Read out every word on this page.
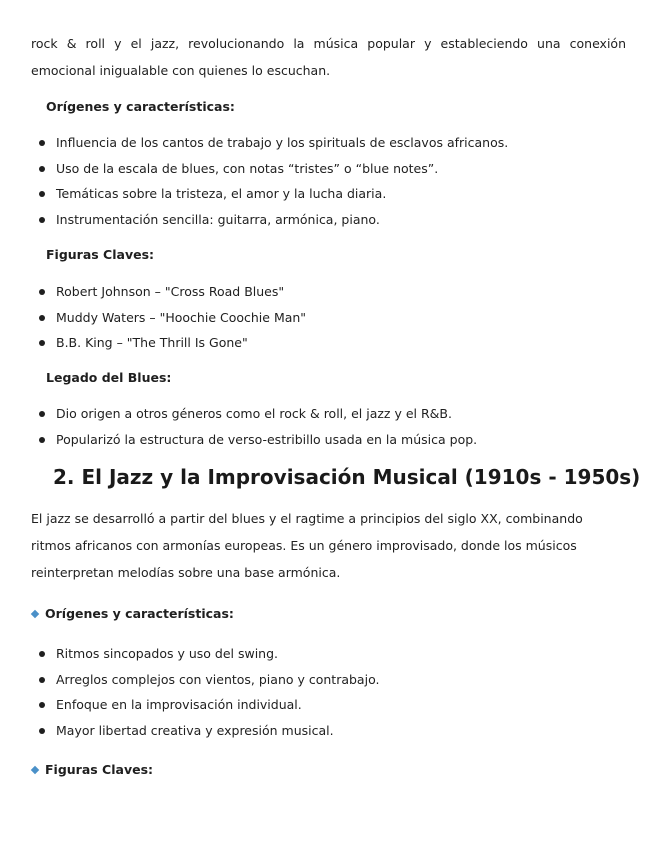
rock & roll y el jazz, revolucionando la música popular y estableciendo una conexión emocional inigualable con quienes lo escuchan.

Orígenes y características:
Influencia de los cantos de trabajo y los spirituals de esclavos africanos.
Uso de la escala de blues, con notas “tristes” o “blue notes”.
Temáticas sobre la tristeza, el amor y la lucha diaria.
Instrumentación sencilla: guitarra, armónica, piano.
Figuras Claves:
Robert Johnson – "Cross Road Blues"
Muddy Waters – "Hoochie Coochie Man"
B.B. King – "The Thrill Is Gone"
Legado del Blues:
Dio origen a otros géneros como el rock & roll, el jazz y el R&B.
Popularizó la estructura de verso-estribillo usada en la música pop.
2. El Jazz y la Improvisación Musical (1910s - 1950s)

El jazz se desarrolló a partir del blues y el ragtime a principios del siglo XX, combinando ritmos africanos con armonías europeas. Es un género improvisado, donde los músicos reinterpretan melodías sobre una base armónica.

Orígenes y características:
Ritmos sincopados y uso del swing.
Arreglos complejos con vientos, piano y contrabajo.
Enfoque en la improvisación individual.
Mayor libertad creativa y expresión musical.
Figuras Claves:
